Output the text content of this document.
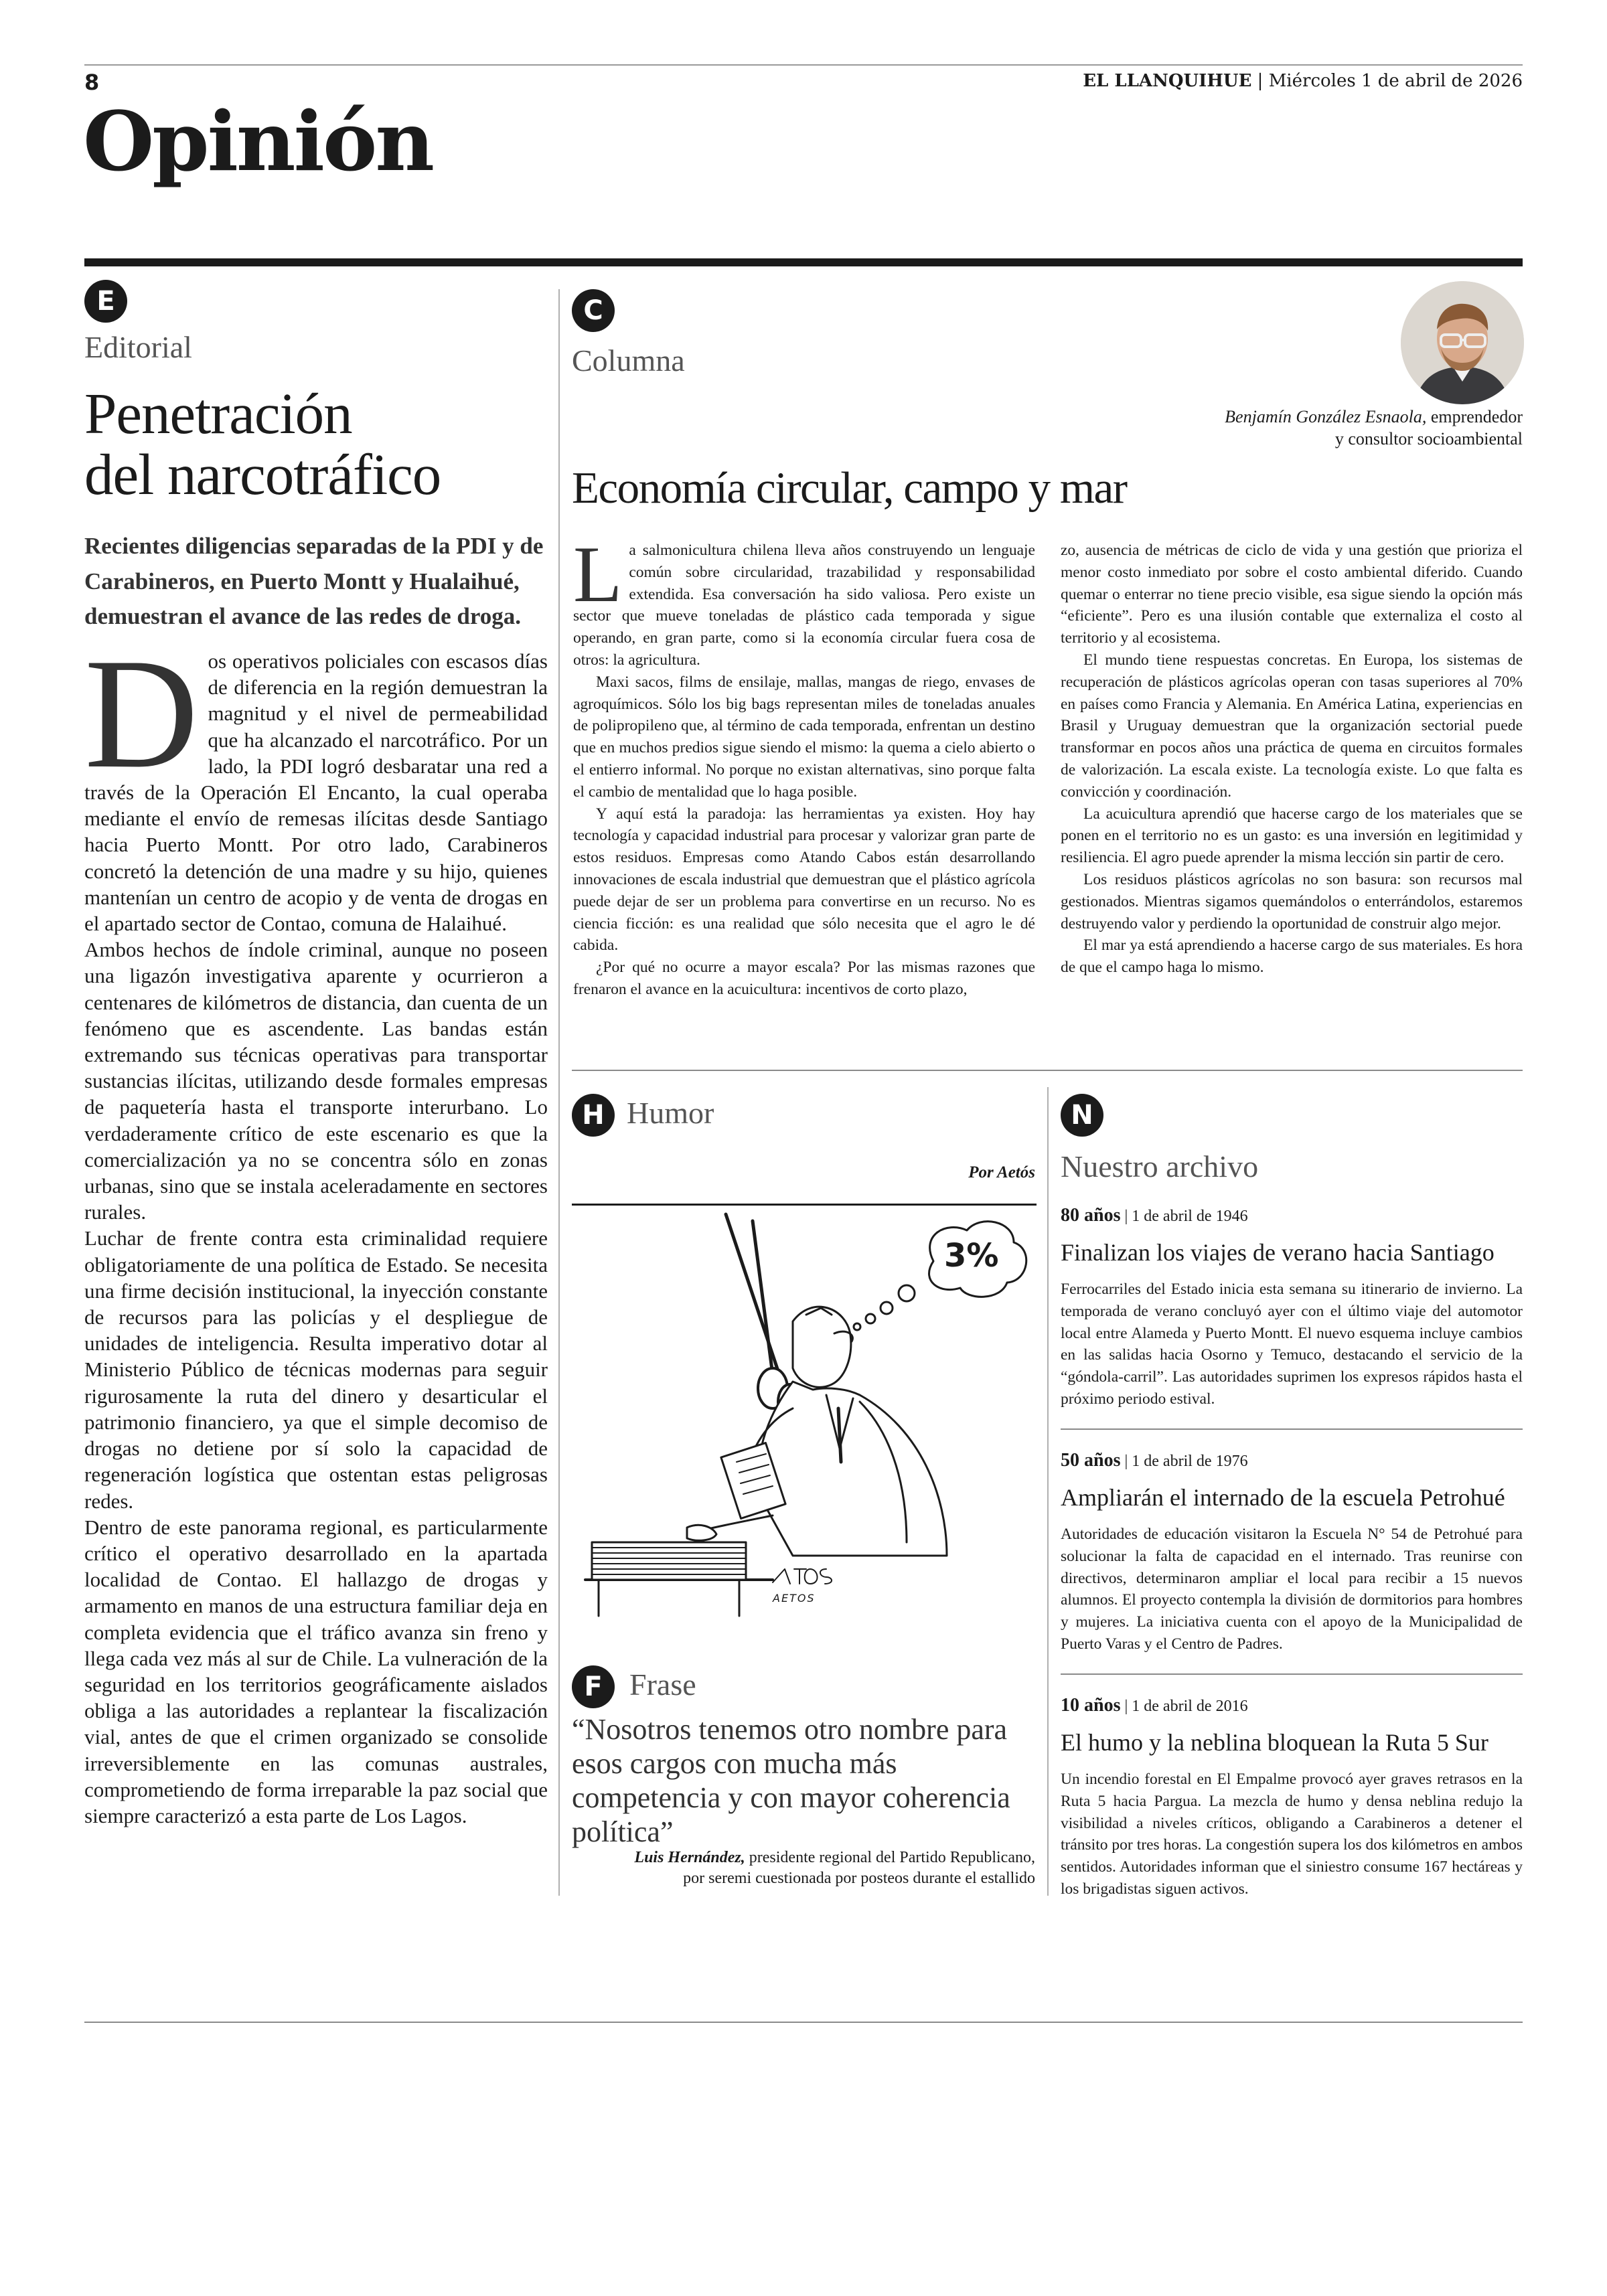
8	EL LLANQUIHUE | Miércoles 1 de abril de 2026
Opinión
E
Editorial
Penetración
del narcotráfico
Recientes diligencias separadas de la PDI y de Carabineros, en Puerto Montt y Hualaihué, demuestran el avance de las redes de droga.

Dos operativos policiales con escasos días de diferencia en la región demuestran la magnitud y el nivel de permeabilidad que ha alcanzado el narcotráfico. Por un lado, la PDI logró desbaratar una red a través de la Operación El Encanto, la cual operaba mediante el envío de remesas ilícitas desde Santiago hacia Puerto Montt. Por otro lado, Carabineros concretó la detención de una madre y su hijo, quienes mantenían un centro de acopio y de venta de drogas en el apartado sector de Contao, comuna de Halaihué.

Ambos hechos de índole criminal, aunque no poseen una ligazón investigativa aparente y ocurrieron a centenares de kilómetros de distancia, dan cuenta de un fenómeno que es ascendente. Las bandas están extremando sus técnicas operativas para transportar sustancias ilícitas, utilizando desde formales empresas de paquetería hasta el transporte interurbano. Lo verdaderamente crítico de este escenario es que la comercialización ya no se concentra sólo en zonas urbanas, sino que se instala aceleradamente en sectores rurales.

Luchar de frente contra esta criminalidad requiere obligatoriamente de una política de Estado. Se necesita una firme decisión institucional, la inyección constante de recursos para las policías y el despliegue de unidades de inteligencia. Resulta imperativo dotar al Ministerio Público de técnicas modernas para seguir rigurosamente la ruta del dinero y desarticular el patrimonio financiero, ya que el simple decomiso de drogas no detiene por sí solo la capacidad de regeneración logística que ostentan estas peligrosas redes.

Dentro de este panorama regional, es particularmente crítico el operativo desarrollado en la apartada localidad de Contao. El hallazgo de drogas y armamento en manos de una estructura familiar deja en completa evidencia que el tráfico avanza sin freno y llega cada vez más al sur de Chile. La vulneración de la seguridad en los territorios geográficamente aislados obliga a las autoridades a replantear la fiscalización vial, antes de que el crimen organizado se consolide irreversiblemente en las comunas australes, comprometiendo de forma irreparable la paz social que siempre caracterizó a esta parte de Los Lagos.

C
Columna
Benjamín González Esnaola, emprendedor
y consultor socioambiental
Economía circular, campo y mar

La salmonicultura chilena lleva años construyendo un lenguaje común sobre circularidad, trazabilidad y responsabilidad extendida. Esa conversación ha sido valiosa. Pero existe un sector que mueve toneladas de plástico cada temporada y sigue operando, en gran parte, como si la economía circular fuera cosa de otros: la agricultura.

Maxi sacos, films de ensilaje, mallas, mangas de riego, envases de agroquímicos. Sólo los big bags representan miles de toneladas anuales de polipropileno que, al término de cada temporada, enfrentan un destino que en muchos predios sigue siendo el mismo: la quema a cielo abierto o el entierro informal. No porque no existan alternativas, sino porque falta el cambio de mentalidad que lo haga posible.

Y aquí está la paradoja: las herramientas ya existen. Hoy hay tecnología y capacidad industrial para procesar y valorizar gran parte de estos residuos. Empresas como Atando Cabos están desarrollando innovaciones de escala industrial que demuestran que el plástico agrícola puede dejar de ser un problema para convertirse en un recurso. No es ciencia ficción: es una realidad que sólo necesita que el agro le dé cabida.

¿Por qué no ocurre a mayor escala? Por las mismas razones que frenaron el avance en la acuicultura: incentivos de corto plazo,

zo, ausencia de métricas de ciclo de vida y una gestión que prioriza el menor costo inmediato por sobre el costo ambiental diferido. Cuando quemar o enterrar no tiene precio visible, esa sigue siendo la opción más “eficiente”. Pero es una ilusión contable que externaliza el costo al territorio y al ecosistema.

El mundo tiene respuestas concretas. En Europa, los sistemas de recuperación de plásticos agrícolas operan con tasas superiores al 70% en países como Francia y Alemania. En América Latina, experiencias en Brasil y Uruguay demuestran que la organización sectorial puede transformar en pocos años una práctica de quema en circuitos formales de valorización. La escala existe. La tecnología existe. Lo que falta es convicción y coordinación.

La acuicultura aprendió que hacerse cargo de los materiales que se ponen en el territorio no es un gasto: es una inversión en legitimidad y resiliencia. El agro puede aprender la misma lección sin partir de cero.

Los residuos plásticos agrícolas no son basura: son recursos mal gestionados. Mientras sigamos quemándolos o enterrándolos, estaremos destruyendo valor y perdiendo la oportunidad de construir algo mejor.

El mar ya está aprendiendo a hacerse cargo de sus materiales. Es hora de que el campo haga lo mismo.

H Humor
Por Aetós
3%
AETOS
F Frase
“Nosotros tenemos otro nombre para esos cargos con mucha más competencia y con mayor coherencia política”
Luis Hernández, presidente regional del Partido Republicano,
por seremi cuestionada por posteos durante el estallido
N
Nuestro archivo
80 años | 1 de abril de 1946
Finalizan los viajes de verano hacia Santiago
Ferrocarriles del Estado inicia esta semana su itinerario de invierno. La temporada de verano concluyó ayer con el último viaje del automotor local entre Alameda y Puerto Montt. El nuevo esquema incluye cambios en las salidas hacia Osorno y Temuco, destacando el servicio de la “góndola-carril”. Las autoridades suprimen los expresos rápidos hasta el próximo periodo estival.
50 años | 1 de abril de 1976
Ampliarán el internado de la escuela Petrohué
Autoridades de educación visitaron la Escuela N° 54 de Petrohué para solucionar la falta de capacidad en el internado. Tras reunirse con directivos, determinaron ampliar el local para recibir a 15 nuevos alumnos. El proyecto contempla la división de dormitorios para hombres y mujeres. La iniciativa cuenta con el apoyo de la Municipalidad de Puerto Varas y el Centro de Padres.
10 años | 1 de abril de 2016
El humo y la neblina bloquean la Ruta 5 Sur
Un incendio forestal en El Empalme provocó ayer graves retrasos en la Ruta 5 hacia Pargua. La mezcla de humo y densa neblina redujo la visibilidad a niveles críticos, obligando a Carabineros a detener el tránsito por tres horas. La congestión supera los dos kilómetros en ambos sentidos. Autoridades informan que el siniestro consume 167 hectáreas y los brigadistas siguen activos.
